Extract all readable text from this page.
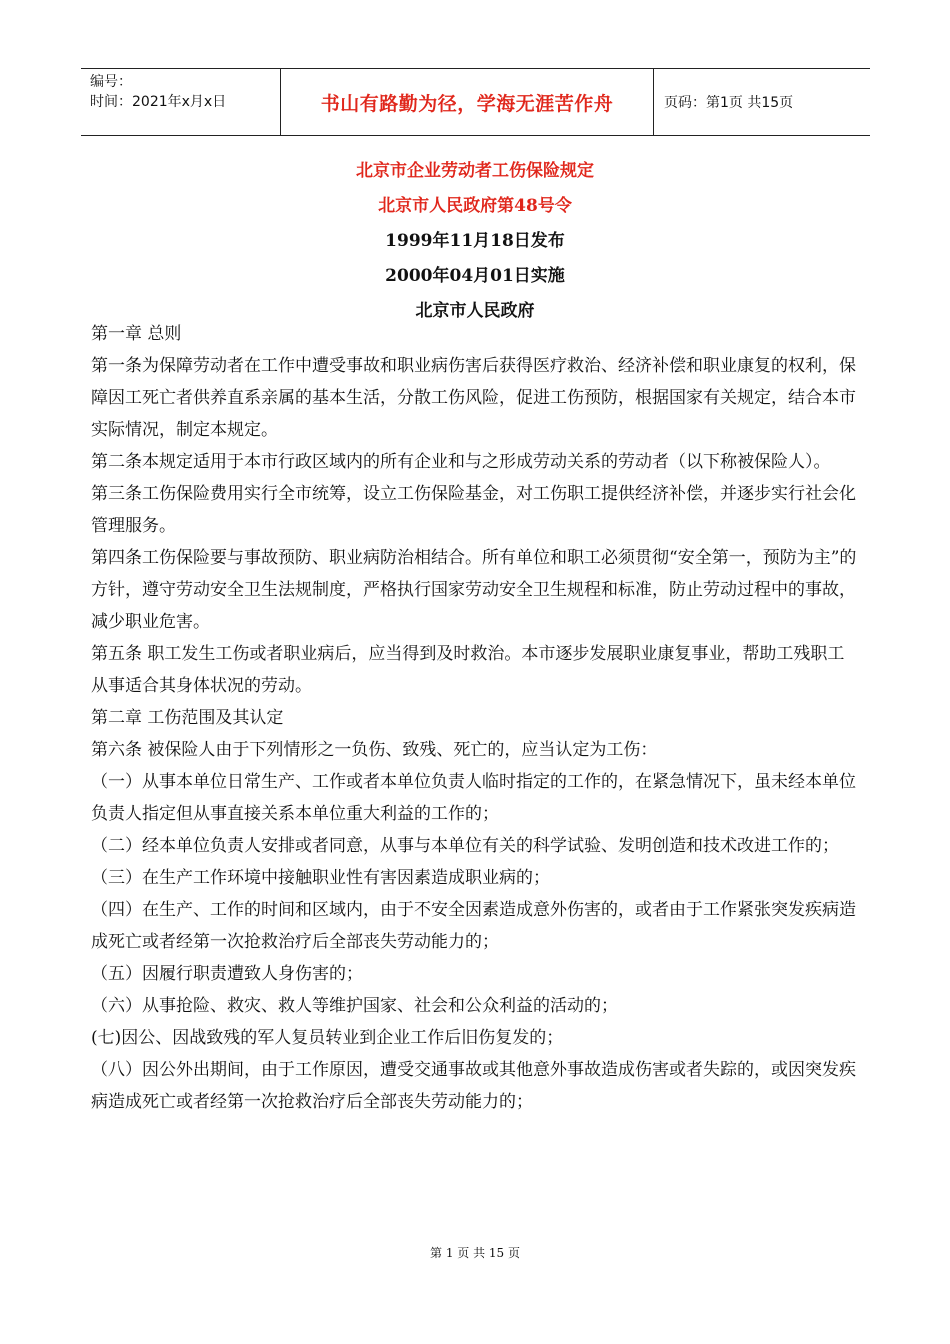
编号：
时间：2021年x月x日	书山有路勤为径，学海无涯苦作舟	页码：第1页 共15页
北京市企业劳动者工伤保险规定
北京市人民政府第48号令
1999年11月18日发布
2000年04月01日实施
北京市人民政府

第一章 总则

第一条为保障劳动者在工作中遭受事故和职业病伤害后获得医疗救治、经济补偿和职业康复的权利，保障因工死亡者供养直系亲属的基本生活，分散工伤风险，促进工伤预防，根据国家有关规定，结合本市实际情况，制定本规定。

第二条本规定适用于本市行政区域内的所有企业和与之形成劳动关系的劳动者（以下称被保险人）。

第三条工伤保险费用实行全市统筹，设立工伤保险基金，对工伤职工提供经济补偿，并逐步实行社会化管理服务。

第四条工伤保险要与事故预防、职业病防治相结合。所有单位和职工必须贯彻“安全第一，预防为主”的方针，遵守劳动安全卫生法规制度，严格执行国家劳动安全卫生规程和标准，防止劳动过程中的事故，减少职业危害。

第五条 职工发生工伤或者职业病后，应当得到及时救治。本市逐步发展职业康复事业，帮助工残职工从事适合其身体状况的劳动。

第二章 工伤范围及其认定

第六条 被保险人由于下列情形之一负伤、致残、死亡的，应当认定为工伤：

（一）从事本单位日常生产、工作或者本单位负责人临时指定的工作的，在紧急情况下，虽未经本单位负责人指定但从事直接关系本单位重大利益的工作的；

（二）经本单位负责人安排或者同意，从事与本单位有关的科学试验、发明创造和技术改进工作的；

（三）在生产工作环境中接触职业性有害因素造成职业病的；

（四）在生产、工作的时间和区域内，由于不安全因素造成意外伤害的，或者由于工作紧张突发疾病造成死亡或者经第一次抢救治疗后全部丧失劳动能力的；

（五）因履行职责遭致人身伤害的；

（六）从事抢险、救灾、救人等维护国家、社会和公众利益的活动的；

(七)因公、因战致残的军人复员转业到企业工作后旧伤复发的；

（八）因公外出期间，由于工作原因，遭受交通事故或其他意外事故造成伤害或者失踪的，或因突发疾病造成死亡或者经第一次抢救治疗后全部丧失劳动能力的；

第 1 页 共 15 页
